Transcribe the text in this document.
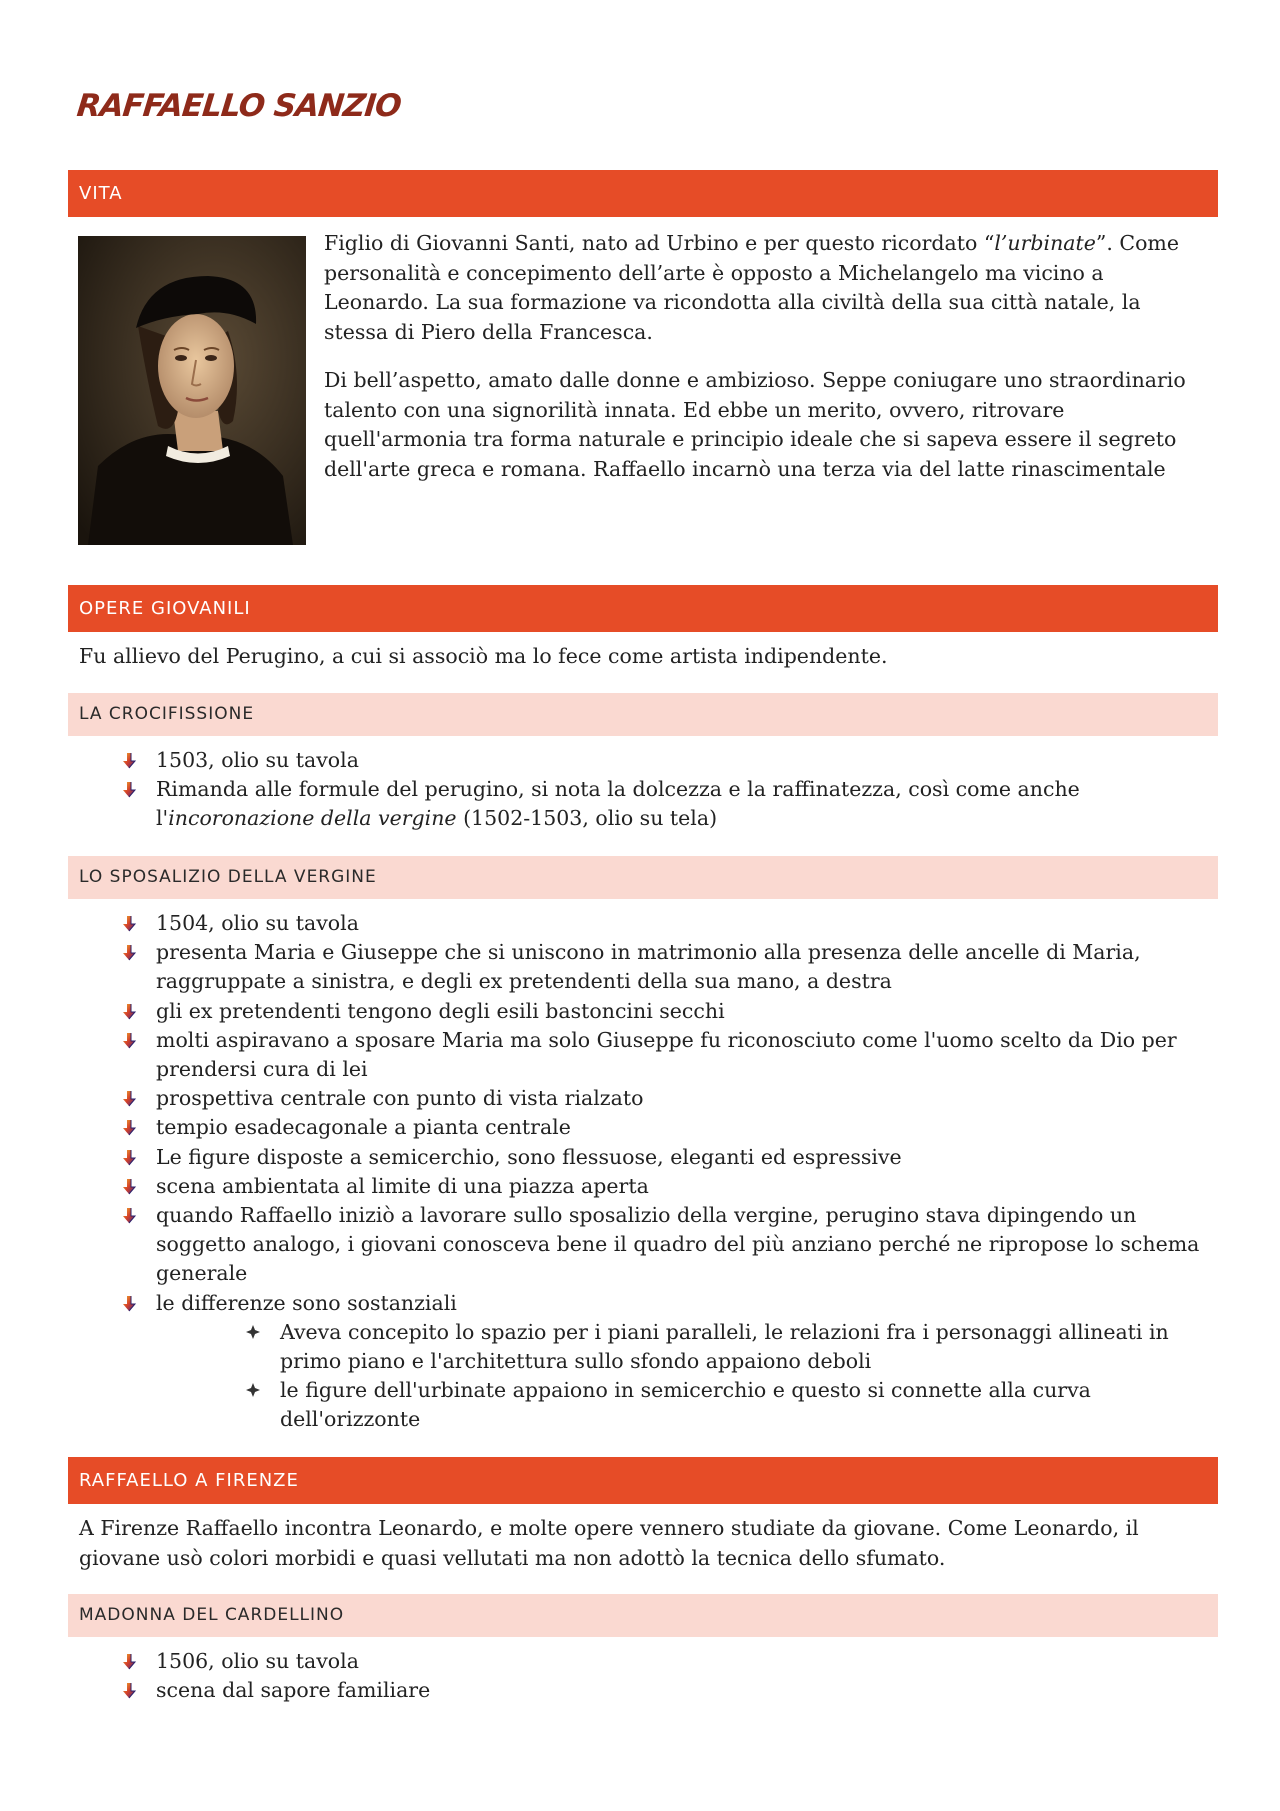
RAFFAELLO SANZIO
VITA
Figlio di Giovanni Santi, nato ad Urbino e per questo ricordato “l’urbinate”. Come personalità e concepimento dell’arte è opposto a Michelangelo ma vicino a Leonardo. La sua formazione va ricondotta alla civiltà della sua città natale, la stessa di Piero della Francesca.
Di bell’aspetto, amato dalle donne e ambizioso. Seppe coniugare uno straordinario talento con una signorilità innata. Ed ebbe un merito, ovvero, ritrovare quell'armonia tra forma naturale e principio ideale che si sapeva essere il segreto dell'arte greca e romana. Raffaello incarnò una terza via del latte rinascimentale
OPERE GIOVANILI
Fu allievo del Perugino, a cui si associò ma lo fece come artista indipendente.
LA CROCIFISSIONE
1503, olio su tavola
Rimanda alle formule del perugino, si nota la dolcezza e la raffinatezza, così come anche l'incoronazione della vergine (1502-1503, olio su tela)
LO SPOSALIZIO DELLA VERGINE
1504, olio su tavola
presenta Maria e Giuseppe che si uniscono in matrimonio alla presenza delle ancelle di Maria, raggruppate a sinistra, e degli ex pretendenti della sua mano, a destra
gli ex pretendenti tengono degli esili bastoncini secchi
molti aspiravano a sposare Maria ma solo Giuseppe fu riconosciuto come l'uomo scelto da Dio per prendersi cura di lei
prospettiva centrale con punto di vista rialzato
tempio esadecagonale a pianta centrale
Le figure disposte a semicerchio, sono flessuose, eleganti ed espressive
scena ambientata al limite di una piazza aperta
quando Raffaello iniziò a lavorare sullo sposalizio della vergine, perugino stava dipingendo un soggetto analogo, i giovani conosceva bene il quadro del più anziano perché ne ripropose lo schema generale
le differenze sono sostanziali
Aveva concepito lo spazio per i piani paralleli, le relazioni fra i personaggi allineati in primo piano e l'architettura sullo sfondo appaiono deboli
le figure dell'urbinate appaiono in semicerchio e questo si connette alla curva dell'orizzonte
RAFFAELLO A FIRENZE
A Firenze Raffaello incontra Leonardo, e molte opere vennero studiate da giovane. Come Leonardo, il giovane usò colori morbidi e quasi vellutati ma non adottò la tecnica dello sfumato.
MADONNA DEL CARDELLINO
1506, olio su tavola
scena dal sapore familiare
